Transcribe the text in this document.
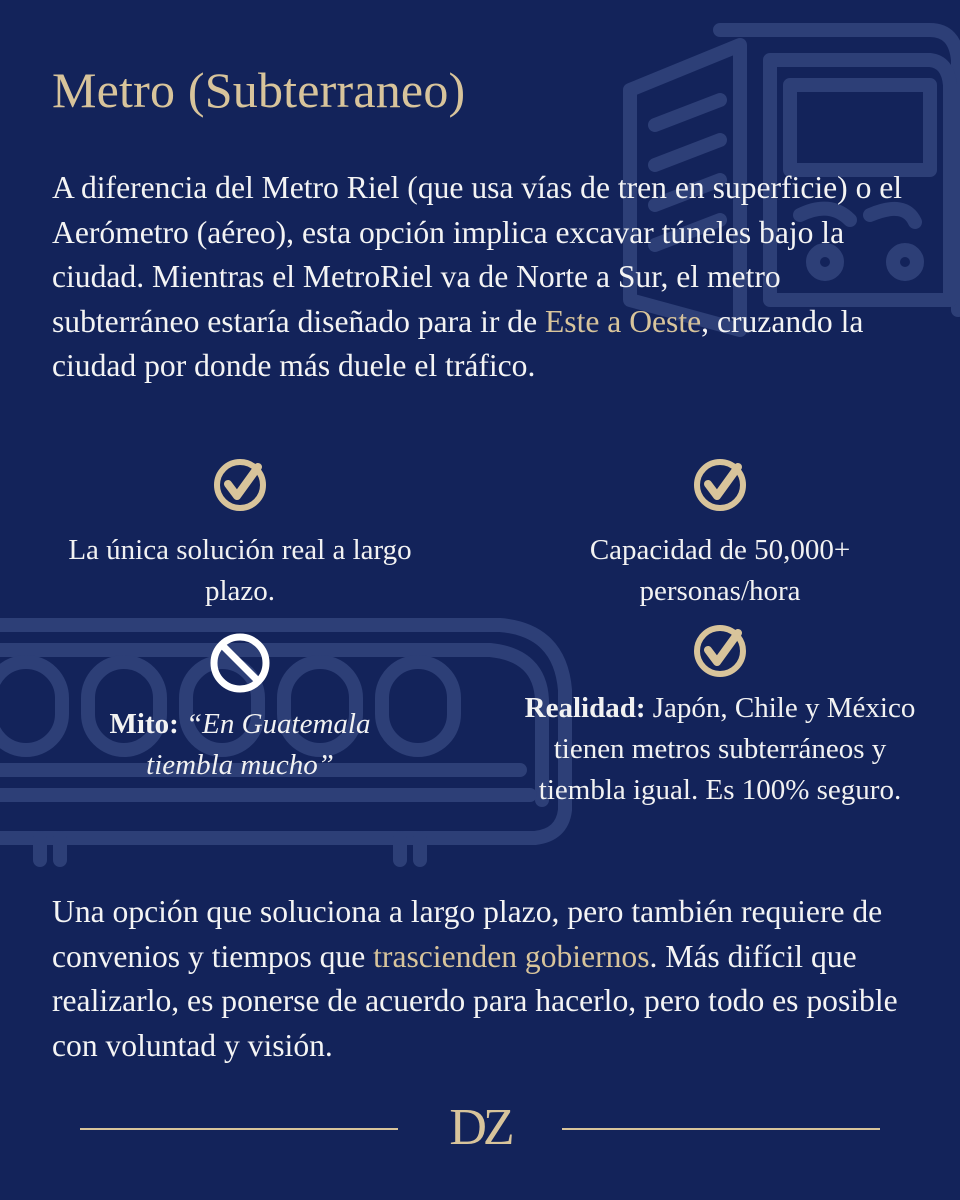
Metro (Subterraneo)

A diferencia del Metro Riel (que usa vías de tren en superficie) o el Aerómetro (aéreo), esta opción implica excavar túneles bajo la ciudad. Mientras el MetroRiel va de Norte a Sur, el metro subterráneo estaría diseñado para ir de Este a Oeste, cruzando la ciudad por donde más duele el tráfico.

La única solución real a largo plazo.
Capacidad de 50,000+ personas/hora
Mito: “En Guatemala tiembla mucho”
Realidad: Japón, Chile y México tienen metros subterráneos y tiembla igual. Es 100% seguro.

Una opción que soluciona a largo plazo, pero también requiere de convenios y tiempos que trascienden gobiernos. Más difícil que realizarlo, es ponerse de acuerdo para hacerlo, pero todo es posible con voluntad y visión.

DZ
